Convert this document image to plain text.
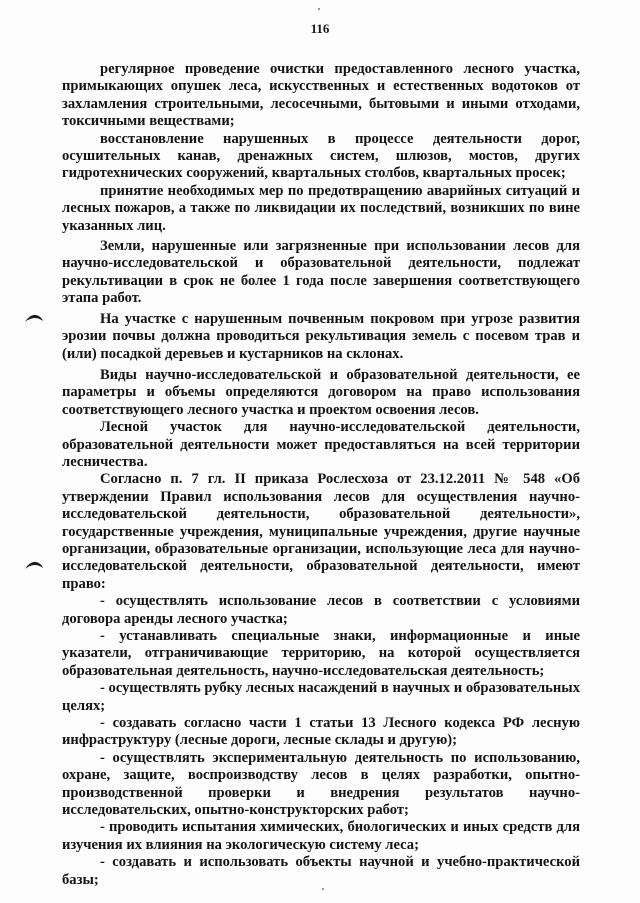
116

регулярное проведение очистки предоставленного лесного участка, примыкающих опушек леса, искусственных и естественных водотоков от захламления строительными, лесосечными, бытовыми и иными отходами, токсичными веществами;

восстановление нарушенных в процессе деятельности дорог, осушительных канав, дренажных систем, шлюзов, мостов, других гидротехнических сооружений, квартальных столбов, квартальных просек;

принятие необходимых мер по предотвращению аварийных ситуаций и лесных пожаров, а также по ликвидации их последствий, возникших по вине указанных лиц.

Земли, нарушенные или загрязненные при использовании лесов для научно-исследовательской и образовательной деятельности, подлежат рекультивации в срок не более 1 года после завершения соответствующего этапа работ.

На участке с нарушенным почвенным покровом при угрозе развития эрозии почвы должна проводиться рекультивация земель с посевом трав и (или) посадкой деревьев и кустарников на склонах.

Виды научно-исследовательской и образовательной деятельности, ее параметры и объемы определяются договором на право использования соответствующего лесного участка и проектом освоения лесов.

Лесной участок для научно-исследовательской деятельности, образовательной деятельности может предоставляться на всей территории лесничества.

Согласно п. 7 гл. II приказа Рослесхоза от 23.12.2011 № 548 «Об утверждении Правил использования лесов для осуществления научно-исследовательской деятельности, образовательной деятельности», государственные учреждения, муниципальные учреждения, другие научные организации, образовательные организации, использующие леса для научно-исследовательской деятельности, образовательной деятельности, имеют право:

- осуществлять использование лесов в соответствии с условиями договора аренды лесного участка;

- устанавливать специальные знаки, информационные и иные указатели, отграничивающие территорию, на которой осуществляется образовательная деятельность, научно-исследовательская деятельность;

- осуществлять рубку лесных насаждений в научных и образовательных целях;

- создавать согласно части 1 статьи 13 Лесного кодекса РФ лесную инфраструктуру (лесные дороги, лесные склады и другую);

- осуществлять экспериментальную деятельность по использованию, охране, защите, воспроизводству лесов в целях разработки, опытно-производственной проверки и внедрения результатов научно-исследовательских, опытно-конструкторских работ;

- проводить испытания химических, биологических и иных средств для изучения их влияния на экологическую систему леса;

- создавать и использовать объекты научной и учебно-практической базы;
